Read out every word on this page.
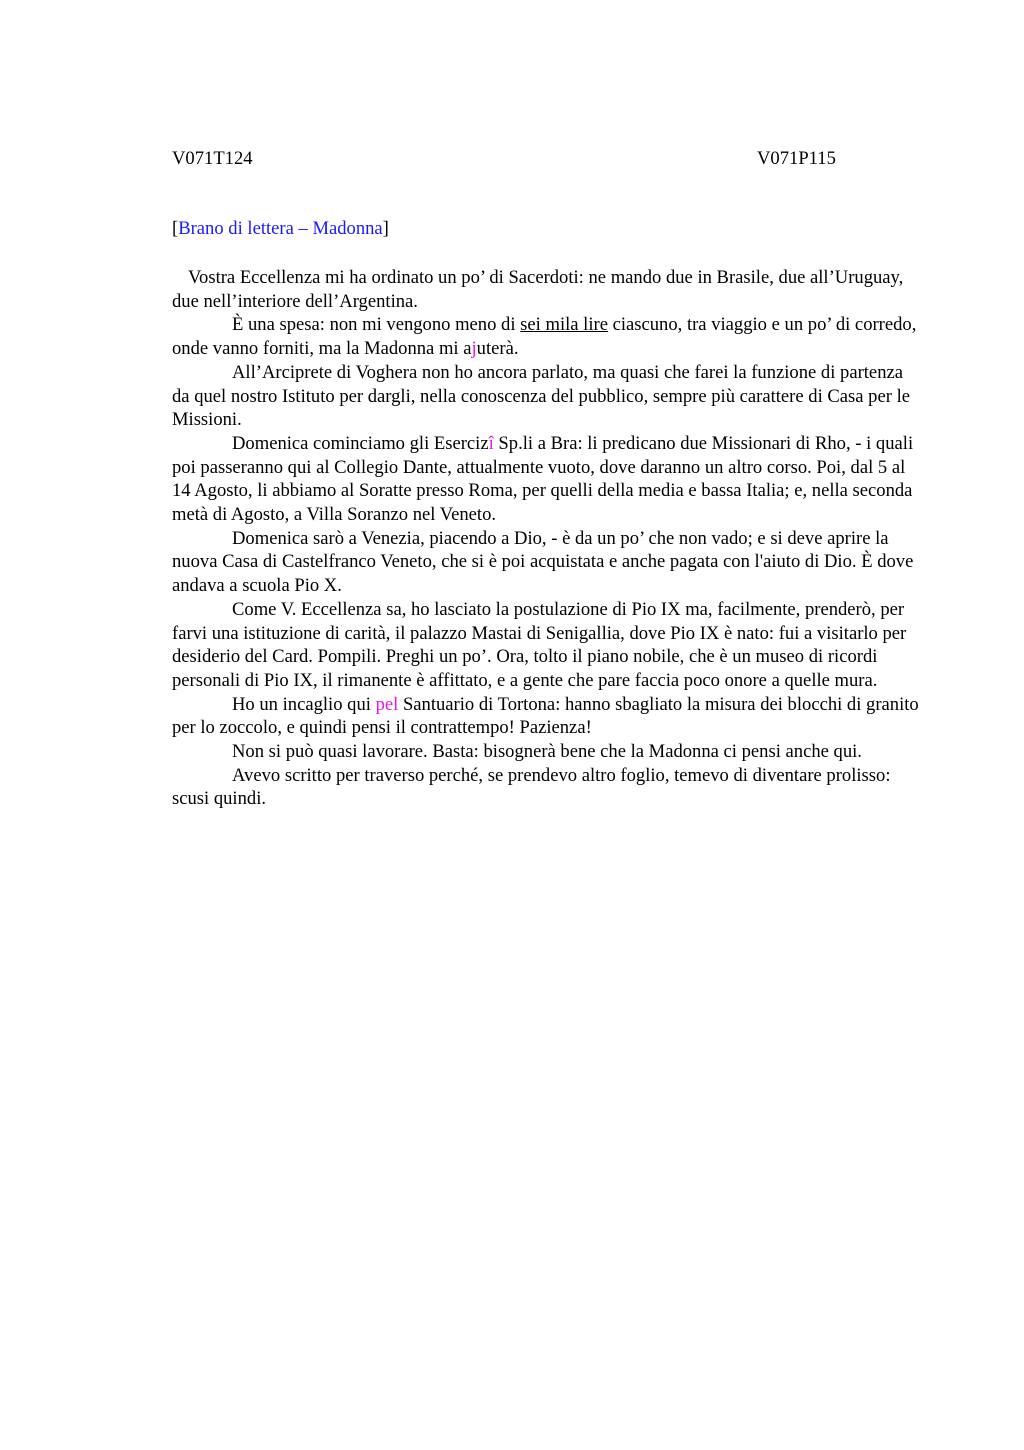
V071T124	V071P115
[Brano di lettera – Madonna]

Vostra Eccellenza mi ha ordinato un po’ di Sacerdoti: ne mando due in Brasile, due all’Uruguay, due nell’interiore dell’Argentina.

È una spesa: non mi vengono meno di sei mila lire ciascuno, tra viaggio e un po’ di corredo, onde vanno forniti, ma la Madonna mi ajuterà.

All’Arciprete di Voghera non ho ancora parlato, ma quasi che farei la funzione di partenza da quel nostro Istituto per dargli, nella conoscenza del pubblico, sempre più carattere di Casa per le Missioni.

Domenica cominciamo gli Esercizî Sp.li a Bra: li predicano due Missionari di Rho, - i quali poi passeranno qui al Collegio Dante, attualmente vuoto, dove daranno un altro corso. Poi, dal 5 al 14 Agosto, li abbiamo al Soratte presso Roma, per quelli della media e bassa Italia; e, nella seconda metà di Agosto, a Villa Soranzo nel Veneto.

Domenica sarò a Venezia, piacendo a Dio, - è da un po’ che non vado; e si deve aprire la nuova Casa di Castelfranco Veneto, che si è poi acquistata e anche pagata con l'aiuto di Dio. È dove andava a scuola Pio X.

Come V. Eccellenza sa, ho lasciato la postulazione di Pio IX ma, facilmente, prenderò, per farvi una istituzione di carità, il palazzo Mastai di Senigallia, dove Pio IX è nato: fui a visitarlo per desiderio del Card. Pompili. Preghi un po’. Ora, tolto il piano nobile, che è un museo di ricordi personali di Pio IX, il rimanente è affittato, e a gente che pare faccia poco onore a quelle mura.

Ho un incaglio qui pel Santuario di Tortona: hanno sbagliato la misura dei blocchi di granito per lo zoccolo, e quindi pensi il contrattempo! Pazienza!

Non si può quasi lavorare. Basta: bisognerà bene che la Madonna ci pensi anche qui.

Avevo scritto per traverso perché, se prendevo altro foglio, temevo di diventare prolisso: scusi quindi.
